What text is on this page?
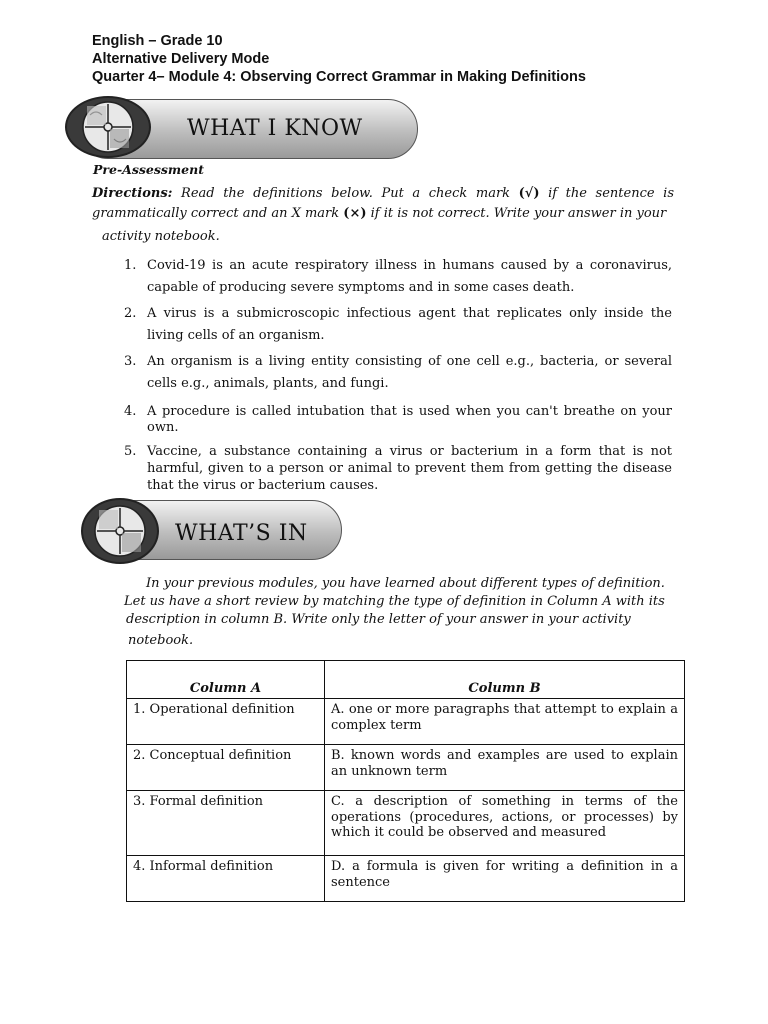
English – Grade 10
Alternative Delivery Mode
Quarter 4– Module 4: Observing Correct Grammar in Making Definitions
WHAT I KNOW
Pre-Assessment
Directions: Read the definitions below. Put a check mark (√) if the sentence is grammatically correct and an X mark (×) if it is not correct. Write your answer in your
activity notebook.
1. Covid-19 is an acute respiratory illness in humans caused by a coronavirus, capable of producing severe symptoms and in some cases death.
2. A virus is a submicroscopic infectious agent that replicates only inside the living cells of an organism.
3. An organism is a living entity consisting of one cell e.g., bacteria, or several cells e.g., animals, plants, and fungi.
4. A procedure is called intubation that is used when you can't breathe on your own.
5. Vaccine, a substance containing a virus or bacterium in a form that is not harmful, given to a person or animal to prevent them from getting the disease that the virus or bacterium causes.
WHAT’S IN
In your previous modules, you have learned about different types of definition.
Let us have a short review by matching the type of definition in Column A with its
description in column B. Write only the letter of your answer in your activity
notebook.
Column A	Column B
1. Operational definition	A. one or more paragraphs that attempt to explain a complex term
2. Conceptual definition	B. known words and examples are used to explain an unknown term
3. Formal definition	C. a description of something in terms of the operations (procedures, actions, or processes) by which it could be observed and measured
4. Informal definition	D. a formula is given for writing a definition in a sentence
